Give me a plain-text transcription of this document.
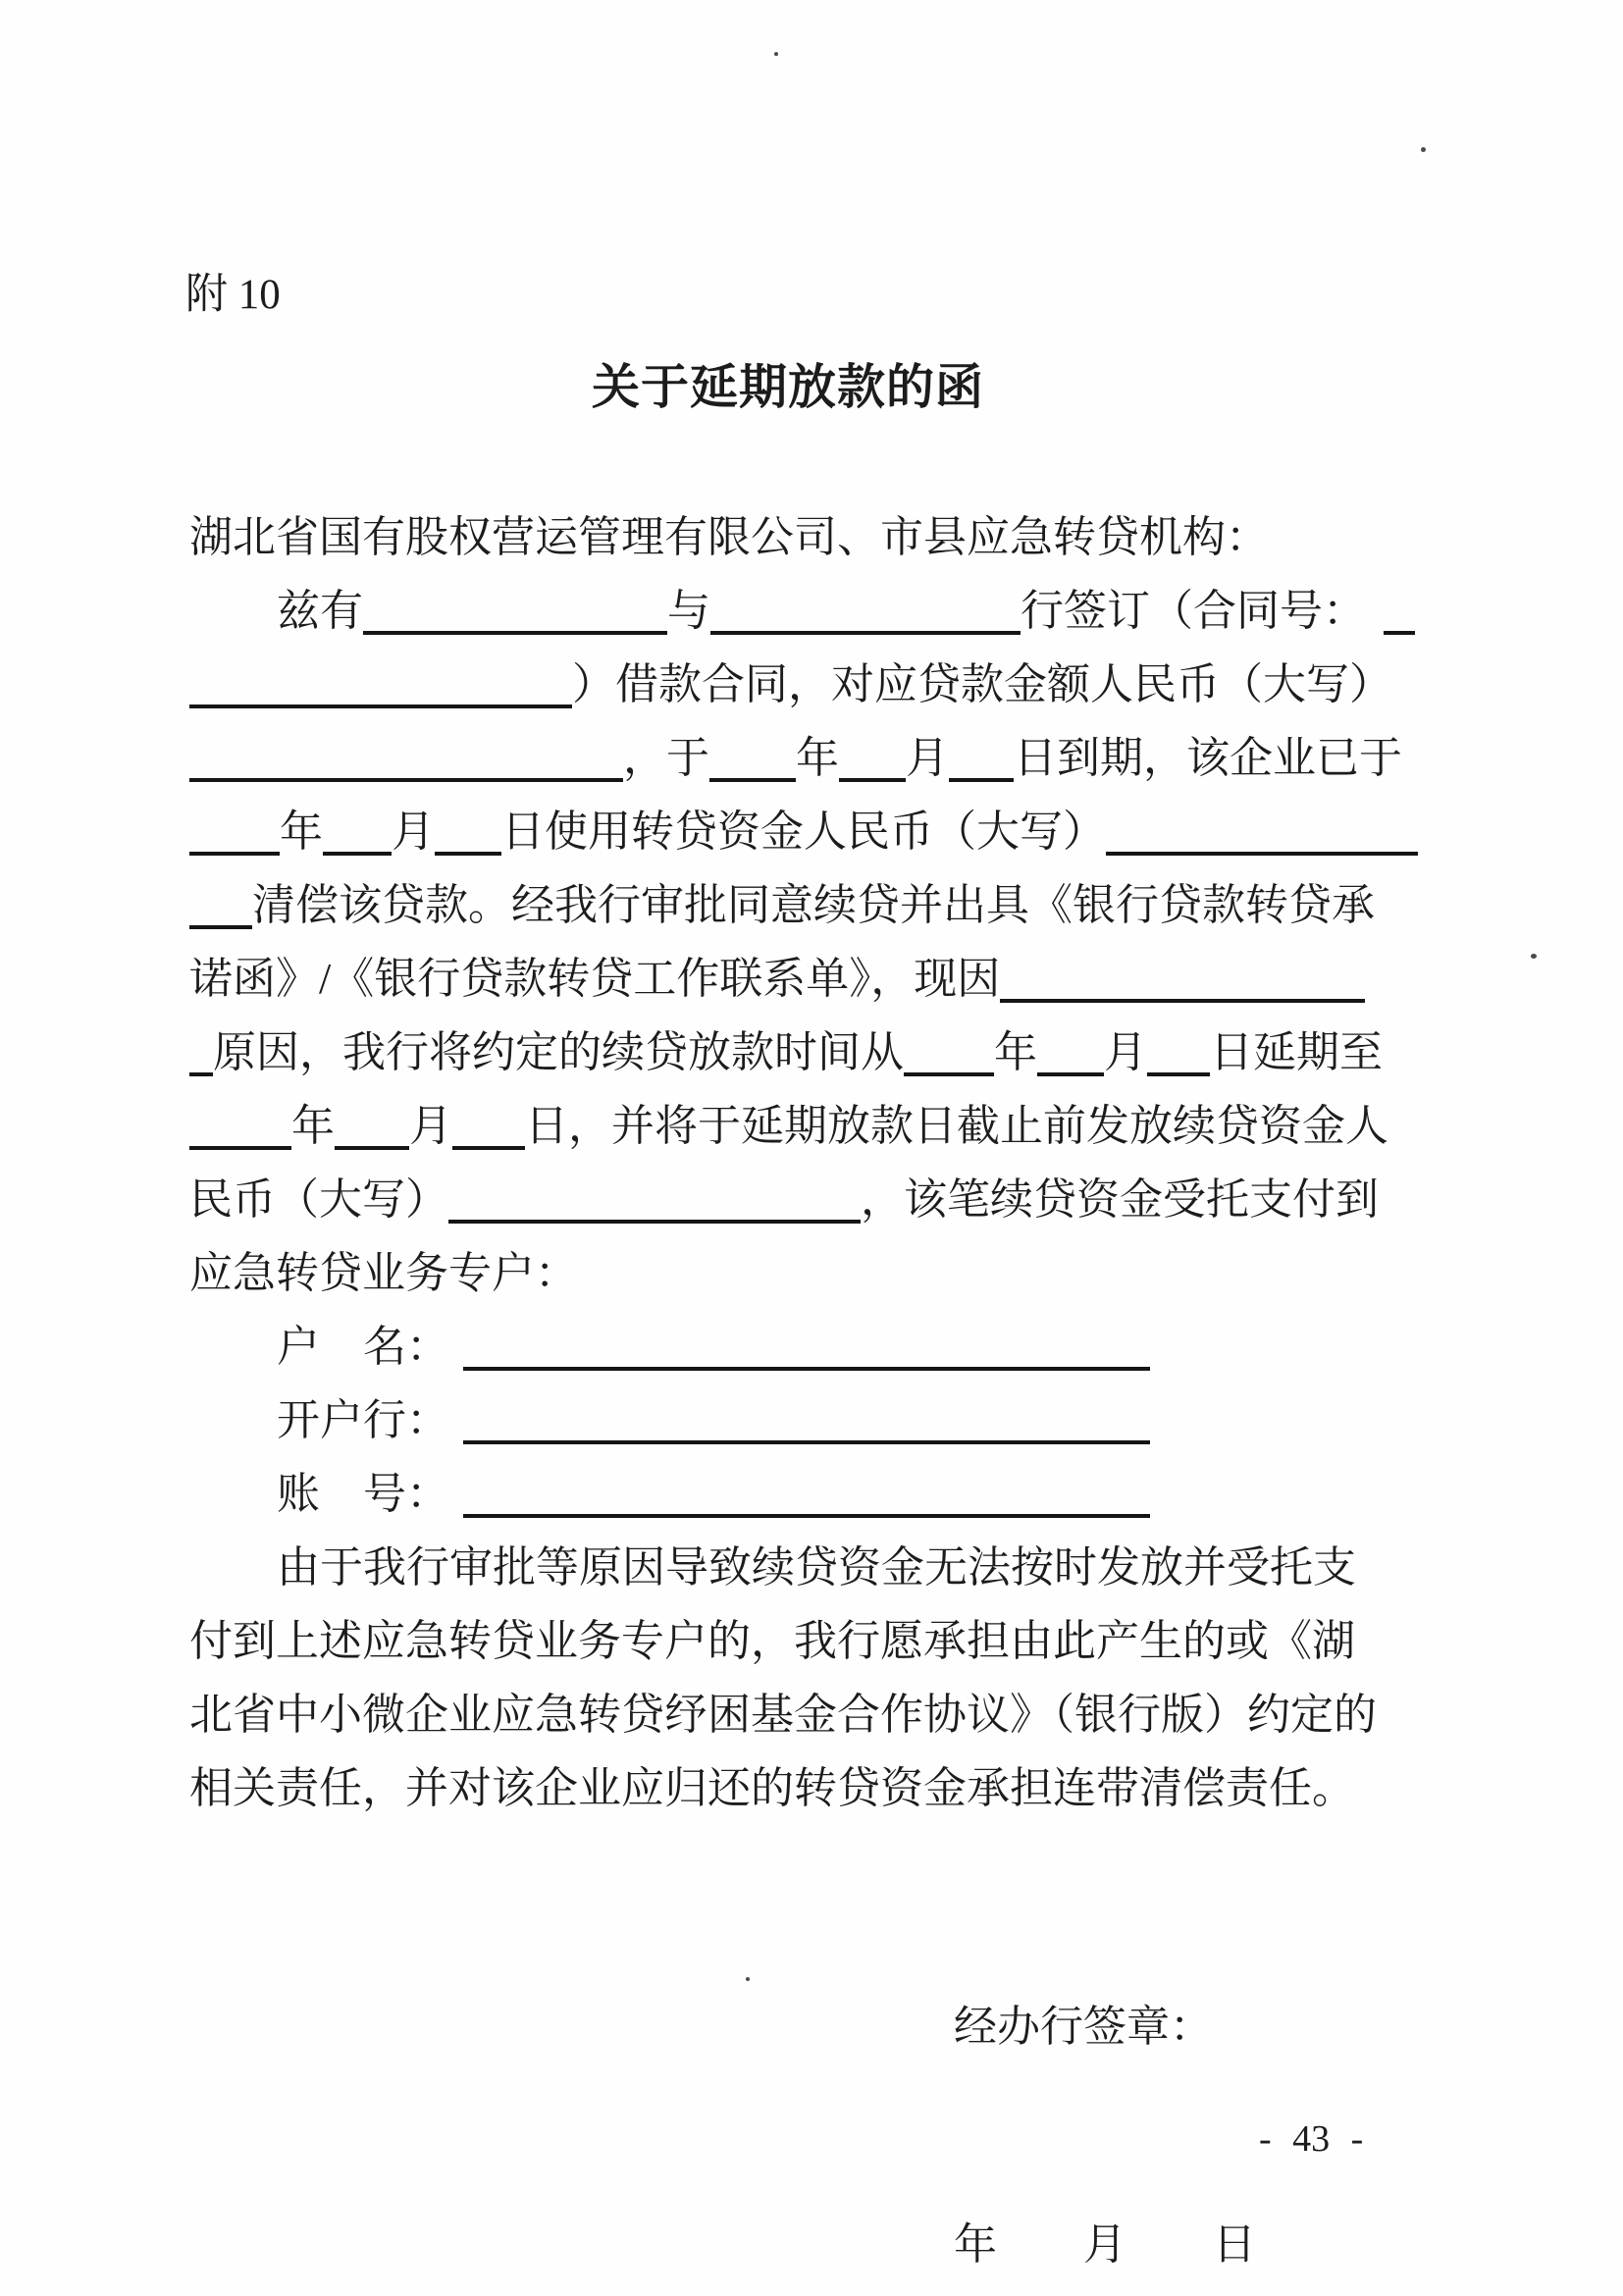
附 10
关于延期放款的函
湖北省国有股权营运管理有限公司、市县应急转贷机构：
兹有	与	行签订（合同号：
）借款合同，对应贷款金额人民币（大写）
，于 年 月 日到期，该企业已于
年 月 日使用转贷资金人民币（大写）
清偿该贷款。经我行审批同意续贷并出具《银行贷款转贷承
诺函》/《银行贷款转贷工作联系单》，现因
原因，我行将约定的续贷放款时间从 年 月 日延期至
年 月 日，并将于延期放款日截止前发放续贷资金人
民币（大写）	，该笔续贷资金受托支付到
应急转贷业务专户：
户　名：
开户行：
账　号：
由于我行审批等原因导致续贷资金无法按时发放并受托支
付到上述应急转贷业务专户的，我行愿承担由此产生的或《湖
北省中小微企业应急转贷纾困基金合作协议》（银行版）约定的
相关责任，并对该企业应归还的转贷资金承担连带清偿责任。

经办行签章：

年　　月　　日

- 43 -
